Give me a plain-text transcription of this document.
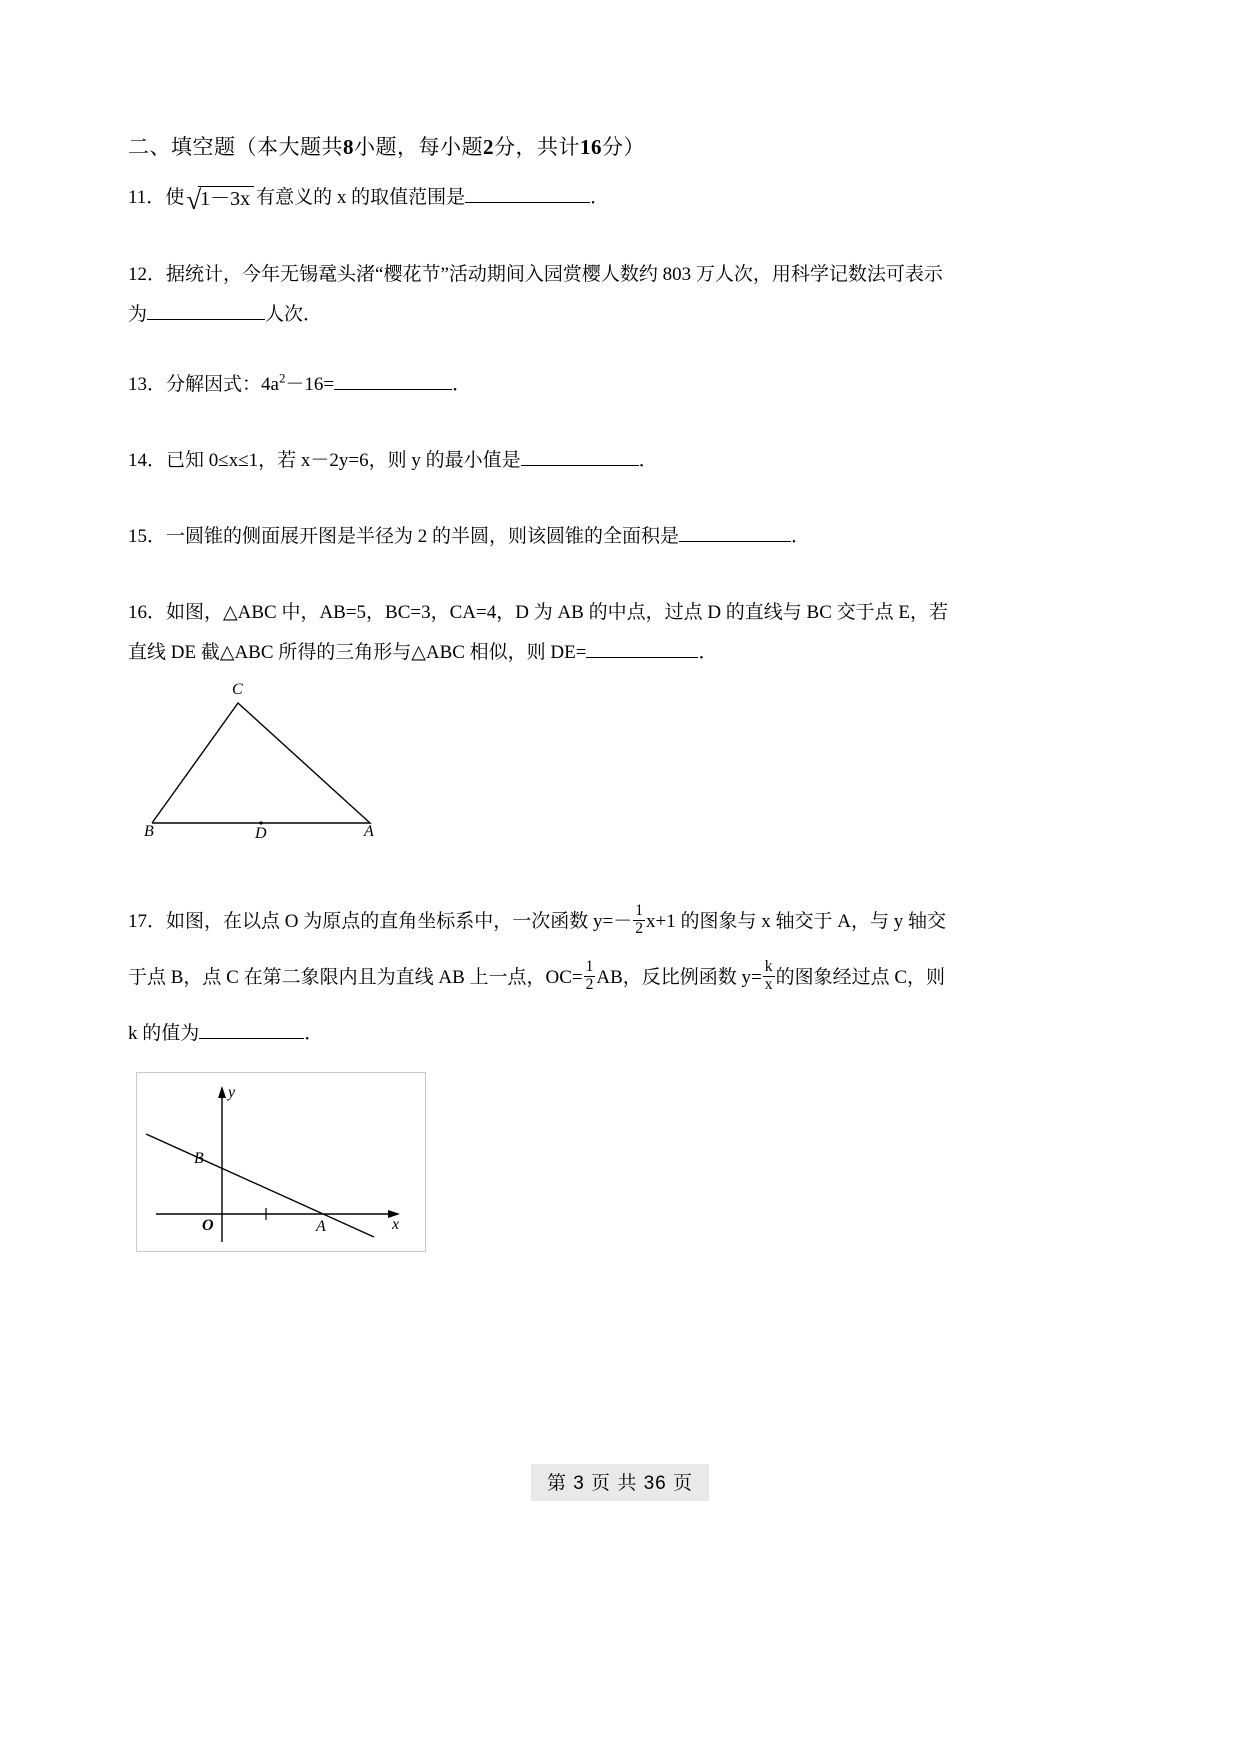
二、填空题（本大题共8小题，每小题2分，共计16分）
11．使√1－3x 有意义的 x 的取值范围是	．
12．据统计，今年无锡鼋头渚“樱花节”活动期间入园赏樱人数约 803 万人次，用科学记数法可表示
为	人次．
13．分解因式：$4a^2-16=$	．
14．已知 0≤x≤1，若 x－2y=6，则 y 的最小值是	．
15．一圆锥的侧面展开图是半径为 2 的半圆，则该圆锥的全面积是	．
16．如图，△ABC 中，AB=5，BC=3，CA=4，D 为 AB 的中点，过点 D 的直线与 BC 交于点 E，若
直线 DE 截△ABC 所得的三角形与△ABC 相似，则 DE=	．
C
B	D	A
17．如图，在以点 O 为原点的直角坐标系中，一次函数 $y=- \frac{1}{2} x+1$ 的图象与 x 轴交于 A，与 y 轴交
于点 B，点 C 在第二象限内且为直线 AB 上一点，$OC= \frac{1}{2}$ AB，反比例函数 $y= \frac{k}{x}$ 的图象经过点 C，则
k 的值为	．
y
x
O
B
A
第 3 页 共 36 页
